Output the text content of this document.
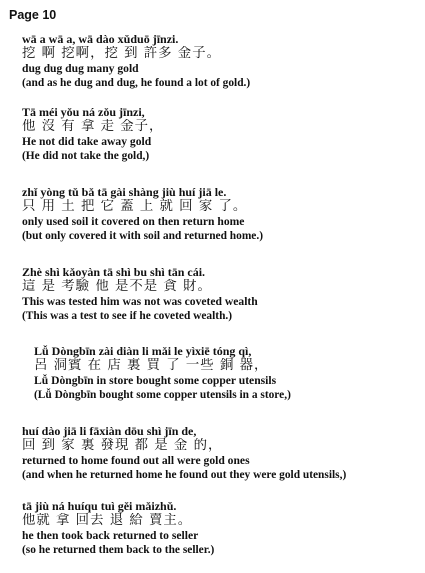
Page 10
wā a wā a, wā dào xǔduō jīnzi.
挖 啊 挖啊，挖 到 許多 金子。
dug dug dug many gold
(and as he dug and dug, he found a lot of gold.)
Tā méi yǒu ná zǒu jīnzi,
他 沒 有 拿 走 金子，
He not did take away gold
(He did not take the gold,)
zhǐ yòng tǔ bǎ tā gài shàng jiù huí jiā le.
只 用 土 把 它 蓋 上 就 回 家 了。
only used soil it covered on then return home
(but only covered it with soil and returned home.)
Zhè shì kǎoyàn tā shì bu shì tān cái.
這 是 考驗 他 是不是 貪 財。
This was tested him was not was coveted wealth
(This was a test to see if he coveted wealth.)
Lǚ Dòngbīn zài diàn li mǎi le yìxiē tóng qì,
呂 洞賓 在 店 裏 買 了 一些 銅 器，
Lǚ Dòngbīn in store bought some copper utensils
(Lǚ Dòngbīn bought some copper utensils in a store,)
huí dào jiā li fāxiàn dōu shì jīn de,
回 到 家 裏 發現 都 是 金 的，
returned to home found out all were gold ones
(and when he returned home he found out they were gold utensils,)
tā jiù ná huíqu tuì gěi mǎizhǔ.
他就 拿 回去 退 給 賣主。
he then took back returned to seller
(so he returned them back to the seller.)
